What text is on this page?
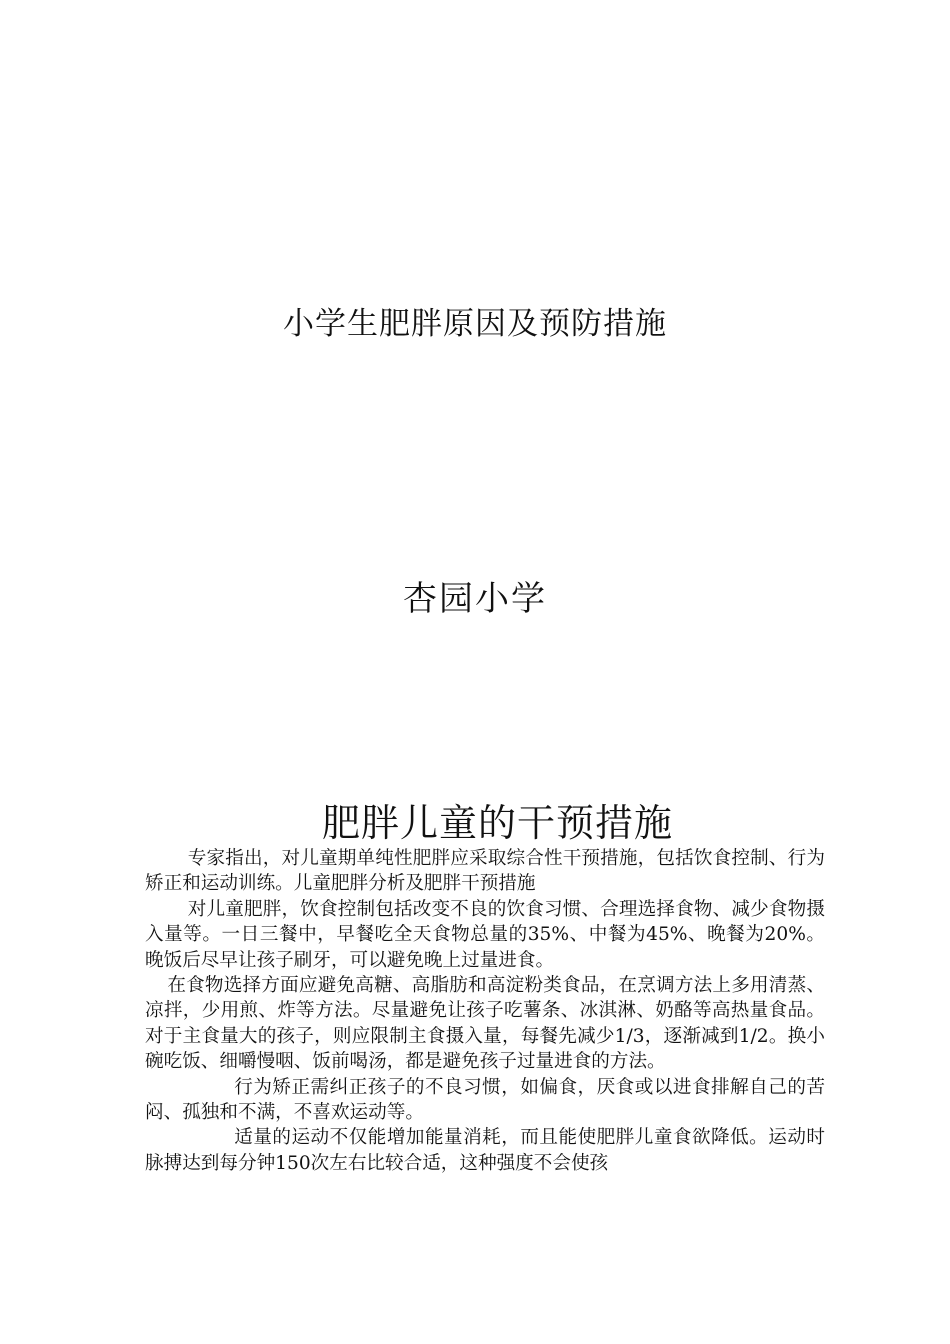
小学生肥胖原因及预防措施
杏园小学
肥胖儿童的干预措施

专家指出，对儿童期单纯性肥胖应采取综合性干预措施，包括饮食控制、行为矫正和运动训练。儿童肥胖分析及肥胖干预措施

对儿童肥胖，饮食控制包括改变不良的饮食习惯、合理选择食物、减少食物摄入量等。一日三餐中，早餐吃全天食物总量的35%、中餐为45%、晚餐为20%。晚饭后尽早让孩子刷牙，可以避免晚上过量进食。

在食物选择方面应避免高糖、高脂肪和高淀粉类食品，在烹调方法上多用清蒸、凉拌，少用煎、炸等方法。尽量避免让孩子吃薯条、冰淇淋、奶酪等高热量食品。对于主食量大的孩子，则应限制主食摄入量，每餐先减少1/3，逐渐减到1/2。换小碗吃饭、细嚼慢咽、饭前喝汤，都是避免孩子过量进食的方法。

行为矫正需纠正孩子的不良习惯，如偏食，厌食或以进食排解自己的苦闷、孤独和不满，不喜欢运动等。

适量的运动不仅能增加能量消耗，而且能使肥胖儿童食欲降低。运动时脉搏达到每分钟150次左右比较合适，这种强度不会使孩
